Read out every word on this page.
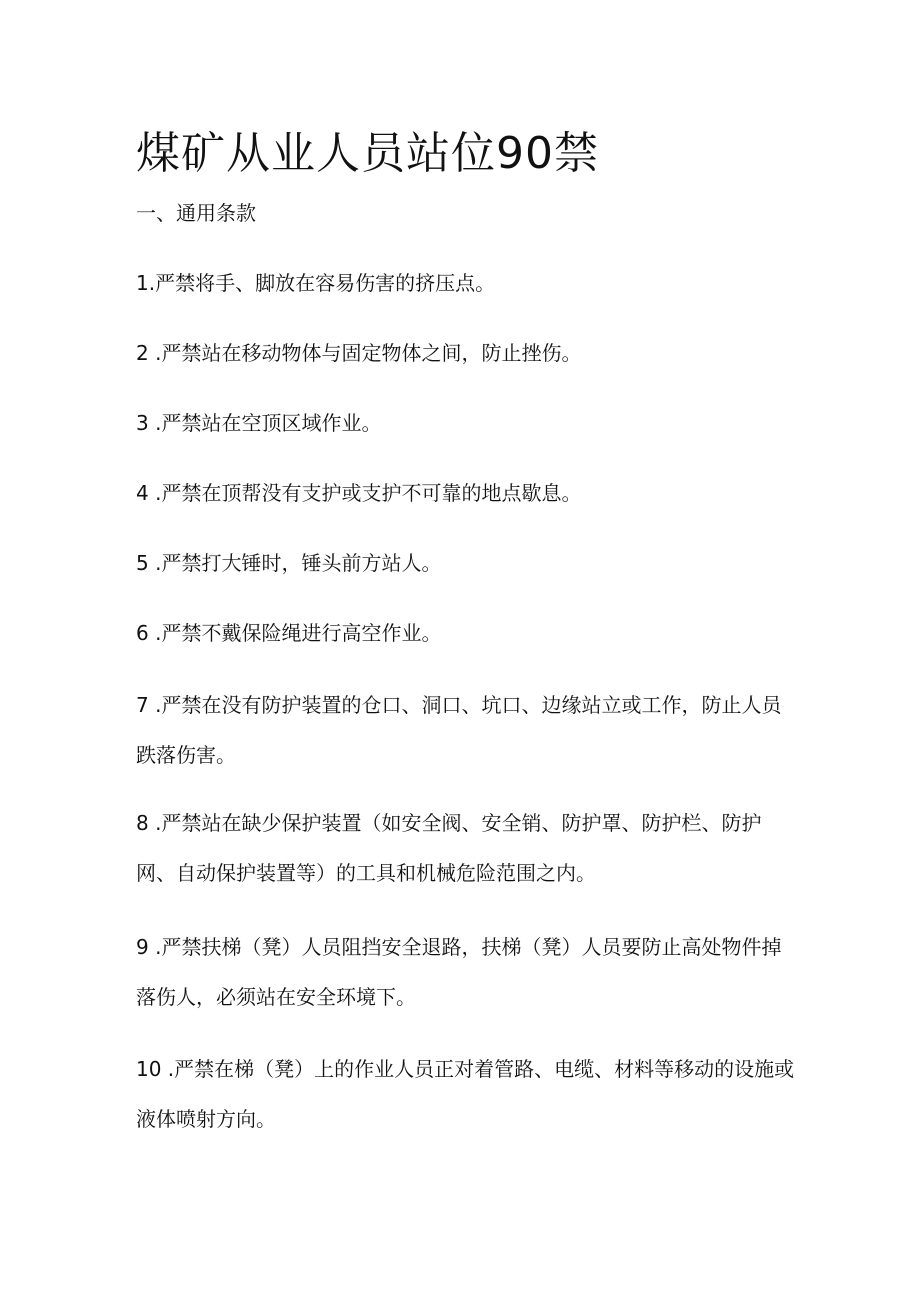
煤矿从业人员站位90禁
一、通用条款

1.严禁将手、脚放在容易伤害的挤压点。

2 .严禁站在移动物体与固定物体之间，防止挫伤。

3 .严禁站在空顶区域作业。

4 .严禁在顶帮没有支护或支护不可靠的地点歇息。

5 .严禁打大锤时，锤头前方站人。

6 .严禁不戴保险绳进行高空作业。

7 .严禁在没有防护装置的仓口、洞口、坑口、边缘站立或工作，防止人员跌落伤害。

8 .严禁站在缺少保护装置（如安全阀、安全销、防护罩、防护栏、防护网、自动保护装置等）的工具和机械危险范围之内。

9 .严禁扶梯（凳）人员阻挡安全退路，扶梯（凳）人员要防止高处物件掉落伤人，必须站在安全环境下。

10 .严禁在梯（凳）上的作业人员正对着管路、电缆、材料等移动的设施或液体喷射方向。
